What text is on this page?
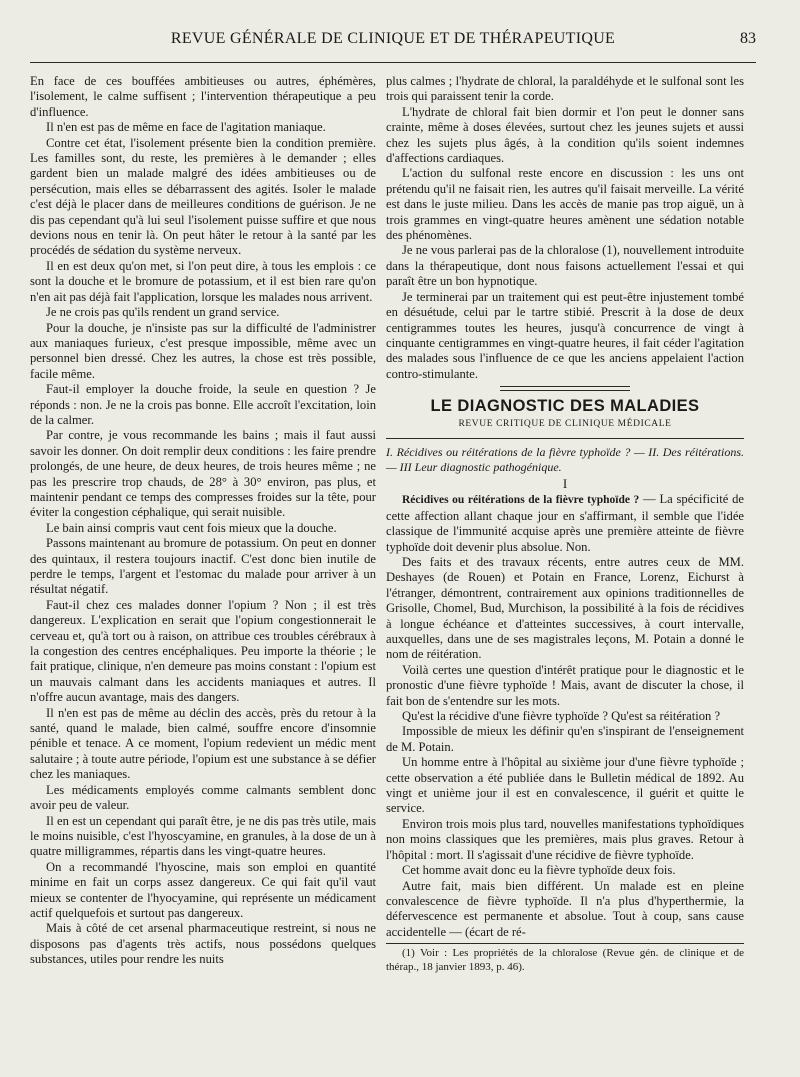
REVUE GÉNÉRALE DE CLINIQUE ET DE THÉRAPEUTIQUE	83

En face de ces bouffées ambitieuses ou autres, éphémères, l'isolement, le calme suffisent ; l'intervention thérapeutique a peu d'influence.

Il n'en est pas de même en face de l'agitation maniaque.

Contre cet état, l'isolement présente bien la condition première. Les familles sont, du reste, les premières à le demander ; elles gardent bien un malade malgré des idées ambitieuses ou de persécution, mais elles se débarrassent des agités. Isoler le malade c'est déjà le placer dans de meilleures conditions de guérison. Je ne dis pas cependant qu'à lui seul l'isolement puisse suffire et que nous devions nous en tenir là. On peut hâter le retour à la santé par les procédés de sédation du système nerveux.

Il en est deux qu'on met, si l'on peut dire, à tous les emplois : ce sont la douche et le bromure de potassium, et il est bien rare qu'on n'en ait pas déjà fait l'application, lorsque les malades nous arrivent.

Je ne crois pas qu'ils rendent un grand service.

Pour la douche, je n'insiste pas sur la difficulté de l'administrer aux maniaques furieux, c'est presque impossible, même avec un personnel bien dressé. Chez les autres, la chose est très possible, facile même.

Faut-il employer la douche froide, la seule en question ? Je réponds : non. Je ne la crois pas bonne. Elle accroît l'excitation, loin de la calmer.

Par contre, je vous recommande les bains ; mais il faut aussi savoir les donner. On doit remplir deux conditions : les faire prendre prolongés, de une heure, de deux heures, de trois heures même ; ne pas les prescrire trop chauds, de 28° à 30° environ, pas plus, et maintenir pendant ce temps des compresses froides sur la tête, pour éviter la congestion céphalique, qui serait nuisible.

Le bain ainsi compris vaut cent fois mieux que la douche.

Passons maintenant au bromure de potassium. On peut en donner des quintaux, il restera toujours inactif. C'est donc bien inutile de perdre le temps, l'argent et l'estomac du malade pour arriver à un résultat négatif.

Faut-il chez ces malades donner l'opium ? Non ; il est très dangereux. L'explication en serait que l'opium congestionnerait le cerveau et, qu'à tort ou à raison, on attribue ces troubles cérébraux à la congestion des centres encéphaliques. Peu importe la théorie ; le fait pratique, clinique, n'en demeure pas moins constant : l'opium est un mauvais calmant dans les accidents maniaques et autres. Il n'offre aucun avantage, mais des dangers.

Il n'en est pas de même au déclin des accès, près du retour à la santé, quand le malade, bien calmé, souffre encore d'insomnie pénible et tenace. A ce moment, l'opium redevient un médic ment salutaire ; à toute autre période, l'opium est une substance à se défier chez les maniaques.

Les médicaments employés comme calmants semblent donc avoir peu de valeur.

Il en est un cependant qui paraît être, je ne dis pas très utile, mais le moins nuisible, c'est l'hyoscyamine, en granules, à la dose de un à quatre milligrammes, répartis dans les vingt-quatre heures.

On a recommandé l'hyoscine, mais son emploi en quantité minime en fait un corps assez dangereux. Ce qui fait qu'il vaut mieux se contenter de l'hyocyamine, qui représente un médicament actif quelquefois et surtout pas dangereux.

Mais à côté de cet arsenal pharmaceutique restreint, si nous ne disposons pas d'agents très actifs, nous possédons quelques substances, utiles pour rendre les nuits

plus calmes ; l'hydrate de chloral, la paraldéhyde et le sulfonal sont les trois qui paraissent tenir la corde.

L'hydrate de chloral fait bien dormir et l'on peut le donner sans crainte, même à doses élevées, surtout chez les jeunes sujets et aussi chez les sujets plus âgés, à la condition qu'ils soient indemnes d'affections cardiaques.

L'action du sulfonal reste encore en discussion : les uns ont prétendu qu'il ne faisait rien, les autres qu'il faisait merveille. La vérité est dans le juste milieu. Dans les accès de manie pas trop aiguë, un à trois grammes en vingt-quatre heures amènent une sédation notable des phénomènes.

Je ne vous parlerai pas de la chloralose (1), nouvellement introduite dans la thérapeutique, dont nous faisons actuellement l'essai et qui paraît être un bon hypnotique.

Je terminerai par un traitement qui est peut-être injustement tombé en désuétude, celui par le tartre stibié. Prescrit à la dose de deux centigrammes toutes les heures, jusqu'à concurrence de vingt à cinquante centigrammes en vingt-quatre heures, il fait céder l'agitation des malades sous l'influence de ce que les anciens appelaient l'action contro-stimulante.

LE DIAGNOSTIC DES MALADIES
REVUE CRITIQUE DE CLINIQUE MÉDICALE

I. Récidives ou réitérations de la fièvre typhoïde ? — II. Des réitérations. — III Leur diagnostic pathogénique.

I

Récidives ou réitérations de la fièvre typhoïde ? — La spécificité de cette affection allant chaque jour en s'affirmant, il semble que l'idée classique de l'immunité acquise après une première atteinte de fièvre typhoïde doit devenir plus absolue. Non.

Des faits et des travaux récents, entre autres ceux de MM. Deshayes (de Rouen) et Potain en France, Lorenz, Eichurst à l'étranger, démontrent, contrairement aux opinions traditionnelles de Grisolle, Chomel, Bud, Murchison, la possibilité à la fois de récidives à longue échéance et d'atteintes successives, à court intervalle, auxquelles, dans une de ses magistrales leçons, M. Potain a donné le nom de réitération.

Voilà certes une question d'intérêt pratique pour le diagnostic et le pronostic d'une fièvre typhoïde ! Mais, avant de discuter la chose, il fait bon de s'entendre sur les mots.

Qu'est la récidive d'une fièvre typhoïde ? Qu'est sa réitération ?

Impossible de mieux les définir qu'en s'inspirant de l'enseignement de M. Potain.

Un homme entre à l'hôpital au sixième jour d'une fièvre typhoïde ; cette observation a été publiée dans le Bulletin médical de 1892. Au vingt et unième jour il est en convalescence, il guérit et quitte le service.

Environ trois mois plus tard, nouvelles manifestations typhoïdiques non moins classiques que les premières, mais plus graves. Retour à l'hôpital : mort. Il s'agissait d'une récidive de fièvre typhoïde.

Cet homme avait donc eu la fièvre typhoïde deux fois.

Autre fait, mais bien différent. Un malade est en pleine convalescence de fièvre typhoïde. Il n'a plus d'hyperthermie, la défervescence est permanente et absolue. Tout à coup, sans cause accidentelle — (écart de ré-

(1) Voir : Les propriétés de la chloralose (Revue gén. de clinique et de thérap., 18 janvier 1893, p. 46).
